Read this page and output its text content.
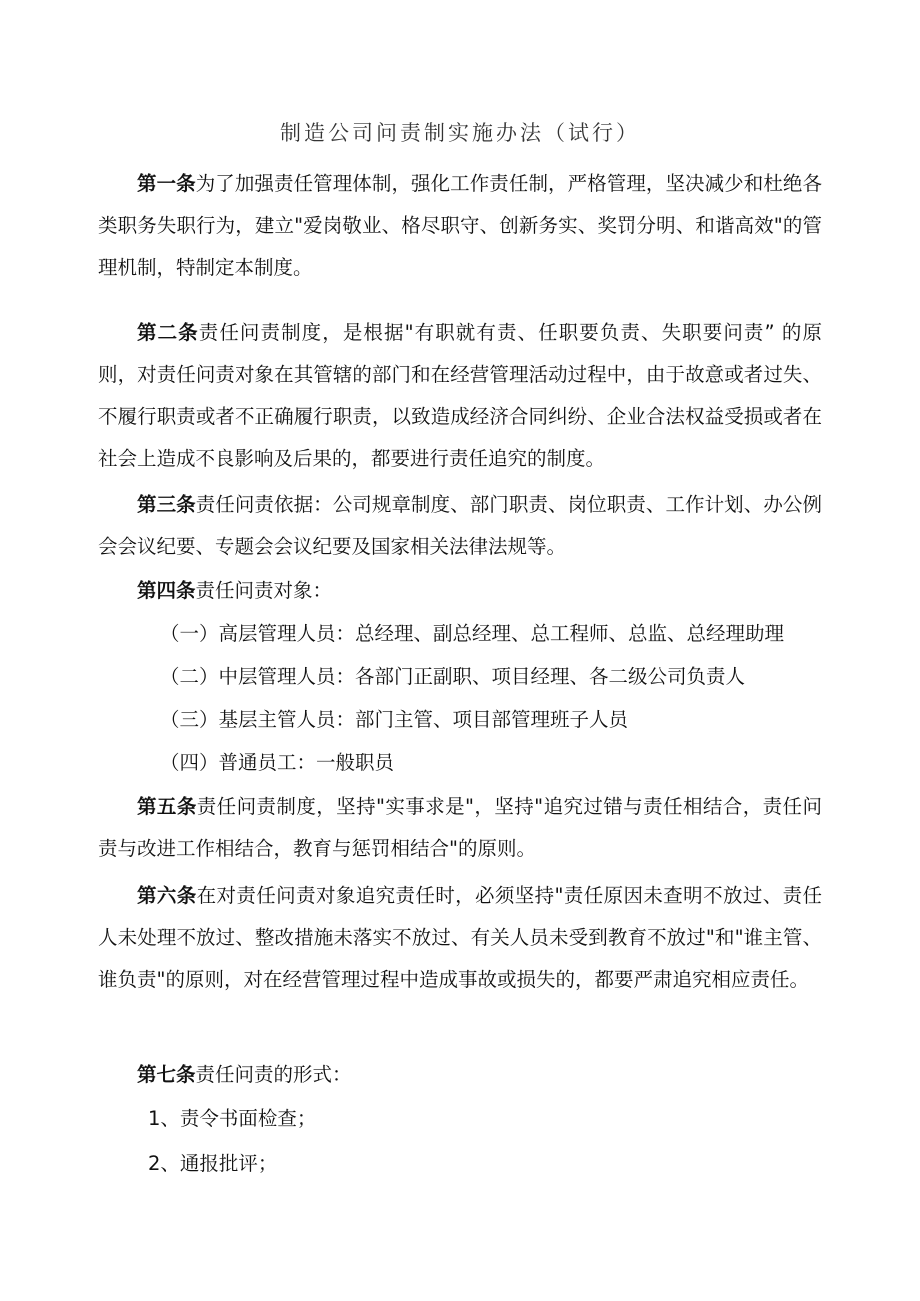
制造公司问责制实施办法（试行）

第一条为了加强责任管理体制，强化工作责任制，严格管理，坚决减少和杜绝各类职务失职行为，建立"爱岗敬业、格尽职守、创新务实、奖罚分明、和谐高效"的管理机制，特制定本制度。

第二条责任问责制度，是根据"有职就有责、任职要负责、失职要问责” 的原则，对责任问责对象在其管辖的部门和在经营管理活动过程中，由于故意或者过失、不履行职责或者不正确履行职责，以致造成经济合同纠纷、企业合法权益受损或者在社会上造成不良影响及后果的，都要进行责任追究的制度。

第三条责任问责依据：公司规章制度、部门职责、岗位职责、工作计划、办公例会会议纪要、专题会会议纪要及国家相关法律法规等。

第四条责任问责对象：

（一）高层管理人员：总经理、副总经理、总工程师、总监、总经理助理

（二）中层管理人员：各部门正副职、项目经理、各二级公司负责人

（三）基层主管人员：部门主管、项目部管理班子人员

（四）普通员工：一般职员

第五条责任问责制度，坚持"实事求是"，坚持"追究过错与责任相结合，责任问责与改进工作相结合，教育与惩罚相结合"的原则。

第六条在对责任问责对象追究责任时，必须坚持"责任原因未查明不放过、责任人未处理不放过、整改措施未落实不放过、有关人员未受到教育不放过"和"谁主管、谁负责"的原则，对在经营管理过程中造成事故或损失的，都要严肃追究相应责任。

第七条责任问责的形式：

1、责令书面检查；

2、通报批评；
